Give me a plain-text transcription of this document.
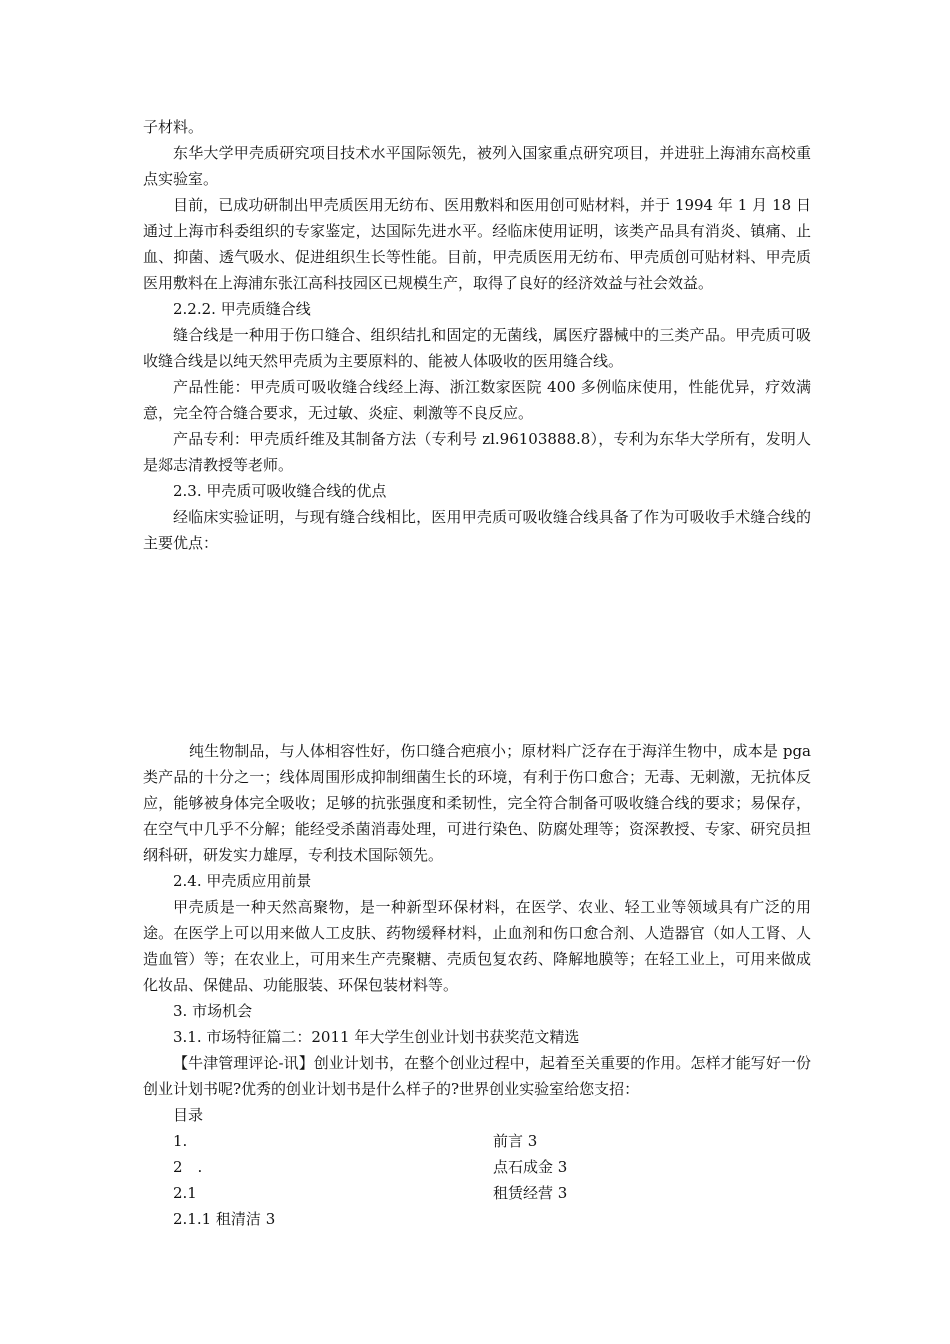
子材料。

东华大学甲壳质研究项目技术水平国际领先，被列入国家重点研究项目，并进驻上海浦东高校重点实验室。

目前，已成功研制出甲壳质医用无纺布、医用敷料和医用创可贴材料，并于 1994 年 1 月 18 日通过上海市科委组织的专家鉴定，达国际先进水平。经临床使用证明，该类产品具有消炎、镇痛、止血、抑菌、透气吸水、促进组织生长等性能。目前，甲壳质医用无纺布、甲壳质创可贴材料、甲壳质医用敷料在上海浦东张江高科技园区已规模生产，取得了良好的经济效益与社会效益。

2.2.2. 甲壳质缝合线

缝合线是一种用于伤口缝合、组织结扎和固定的无菌线，属医疗器械中的三类产品。甲壳质可吸收缝合线是以纯天然甲壳质为主要原料的、能被人体吸收的医用缝合线。

产品性能：甲壳质可吸收缝合线经上海、浙江数家医院 400 多例临床使用，性能优异，疗效满意，完全符合缝合要求，无过敏、炎症、刺激等不良反应。

产品专利：甲壳质纤维及其制备方法（专利号 zl.96103888.8），专利为东华大学所有，发明人是郯志清教授等老师。

2.3. 甲壳质可吸收缝合线的优点

经临床实验证明，与现有缝合线相比，医用甲壳质可吸收缝合线具备了作为可吸收手术缝合线的主要优点：

纯生物制品，与人体相容性好，伤口缝合疤痕小；原材料广泛存在于海洋生物中，成本是 pga 类产品的十分之一；线体周围形成抑制细菌生长的环境，有利于伤口愈合；无毒、无刺激，无抗体反应，能够被身体完全吸收；足够的抗张强度和柔韧性，完全符合制备可吸收缝合线的要求；易保存，在空气中几乎不分解；能经受杀菌消毒处理，可进行染色、防腐处理等；资深教授、专家、研究员担纲科研，研发实力雄厚，专利技术国际领先。

2.4. 甲壳质应用前景

甲壳质是一种天然高聚物，是一种新型环保材料，在医学、农业、轻工业等领域具有广泛的用途。在医学上可以用来做人工皮肤、药物缓释材料，止血剂和伤口愈合剂、人造器官（如人工肾、人造血管）等；在农业上，可用来生产壳聚糖、壳质包复农药、降解地膜等；在轻工业上，可用来做成化妆品、保健品、功能服装、环保包装材料等。

3. 市场机会

3.1. 市场特征篇二：2011 年大学生创业计划书获奖范文精选

【牛津管理评论-讯】创业计划书，在整个创业过程中，起着至关重要的作用。怎样才能写好一份创业计划书呢?优秀的创业计划书是什么样子的?世界创业实验室给您支招：

目录

1.	前言 3
2　.	点石成金 3
2.1	租赁经营 3

2.1.1 租清洁 3
